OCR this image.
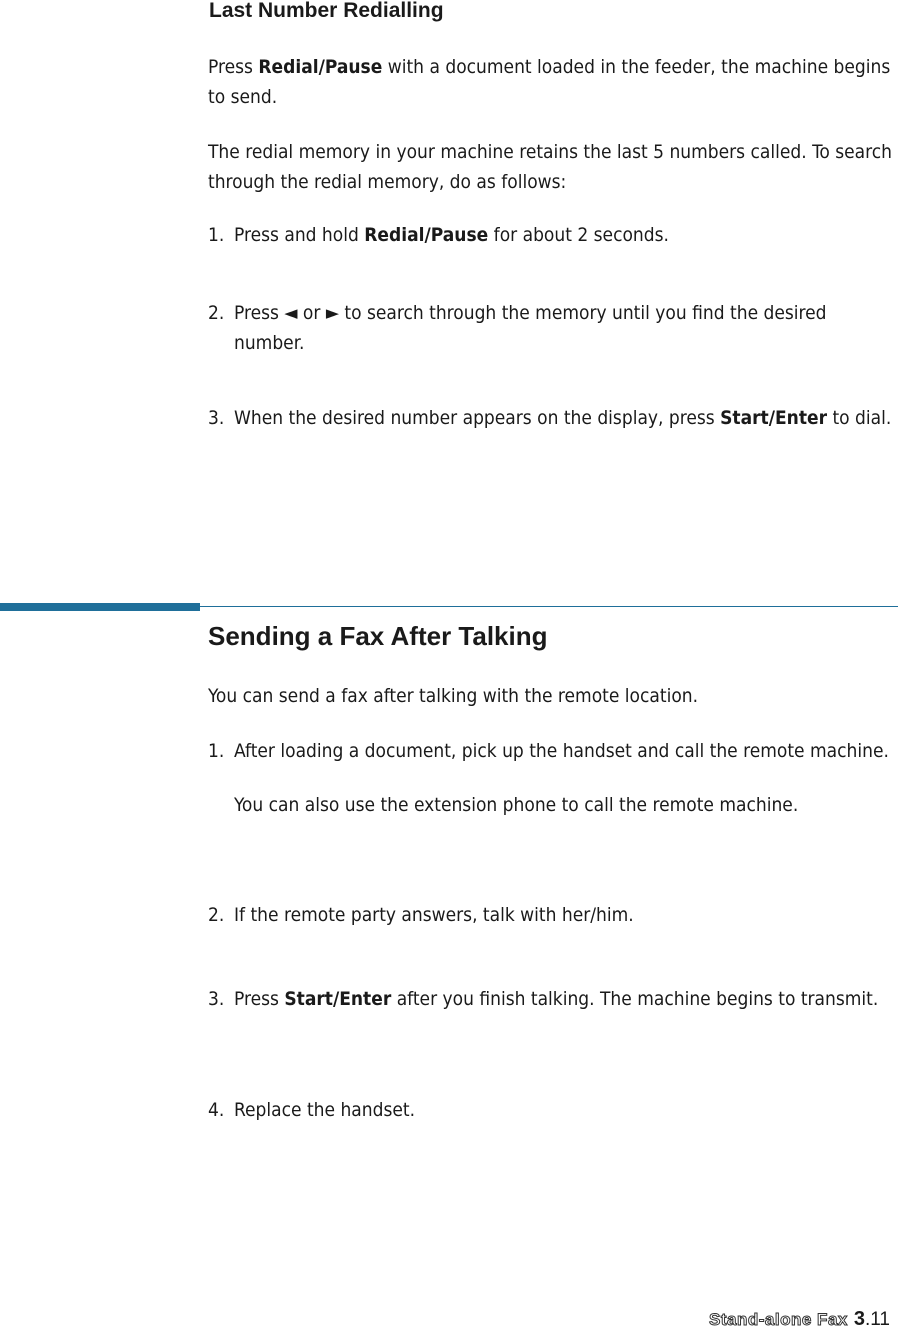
Last Number Redialling

Press Redial/Pause with a document loaded in the feeder, the machine begins to send.

The redial memory in your machine retains the last 5 numbers called. To search through the redial memory, do as follows:

1. Press and hold Redial/Pause for about 2 seconds.
2. Press ◄ or ► to search through the memory until you find the desired number.
3. When the desired number appears on the display, press Start/Enter to dial.
Sending a Fax After Talking

You can send a fax after talking with the remote location.

1. After loading a document, pick up the handset and call the remote machine.

You can also use the extension phone to call the remote machine.

2. If the remote party answers, talk with her/him.
3. Press Start/Enter after you finish talking. The machine begins to transmit.
4. Replace the handset.
Stand-alone Fax 3.11
